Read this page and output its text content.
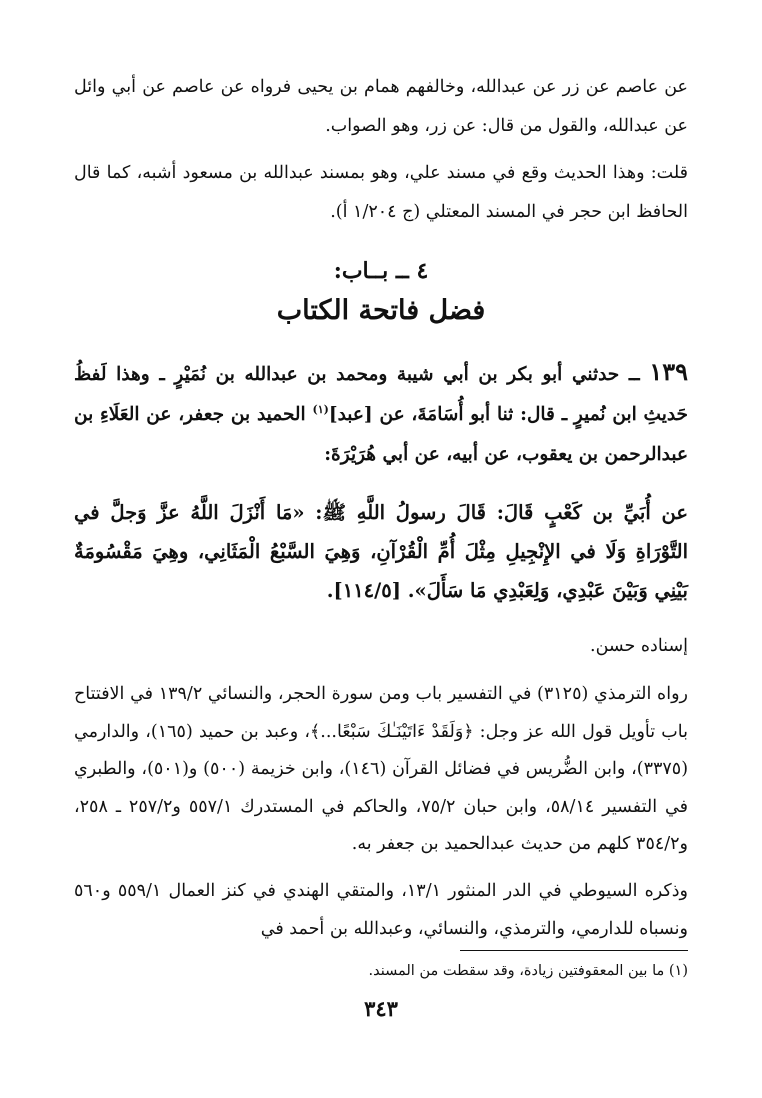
عن عاصم عن زر عن عبدالله، وخالفهم همام بن يحيى فرواه عن عاصم عن أبي وائل عن عبدالله، والقول من قال: عن زر، وهو الصواب.

قلت: وهذا الحديث وقع في مسند علي، وهو بمسند عبدالله بن مسعود أشبه، كما قال الحافظ ابن حجر في المسند المعتلي (ج ١/٢٠٤ أ).

٤ ــ بــاب:
فضل فاتحة الكتاب

١٣٩ ــ حدثني أبو بكر بن أبي شيبة ومحمد بن عبدالله بن نُمَيْرٍ ـ وهذا لَفظُ حَديثِ ابن نُميرٍ ـ قال: ثنا أبو أُسَامَةَ، عن [عبد]$^{(١)}$ الحميد بن جعفر، عن العَلَاءِ بن عبدالرحمن بن يعقوب، عن أبيه، عن أبي هُرَيْرَةَ:

عن أُبَيِّ بن كَعْبٍ قَالَ: قَالَ رسولُ اللَّهِ ﷺ: «مَا أَنْزَلَ اللَّهُ عزَّ وَجلَّ في التَّوْرَاةِ وَلَا في الإِنْجِيلِ مِثْلَ أُمِّ الْقُرْآنِ، وَهِيَ السَّبْعُ الْمَثَانِي، وهِيَ مَقْسُومَةٌ بَيْنِي وَبَيْنَ عَبْدِي، وَلِعَبْدِي مَا سَأَلَ». [١١٤/٥].

إسناده حسن.

رواه الترمذي (٣١٢٥) في التفسير باب ومن سورة الحجر، والنسائي ١٣٩/٢ في الافتتاح باب تأويل قول الله عز وجل: ﴿وَلَقَدْ ءَاتَيْنَـٰكَ سَبْعًا...﴾، وعبد بن حميد (١٦٥)، والدارمي (٣٣٧٥)، وابن الضُّريس في فضائل القرآن (١٤٦)، وابن خزيمة (٥٠٠) و(٥٠١)، والطبري في التفسير ٥٨/١٤، وابن حبان ٧٥/٢، والحاكم في المستدرك ٥٥٧/١ و٢٥٧/٢ ـ ٢٥٨، و٣٥٤/٢ كلهم من حديث عبدالحميد بن جعفر به.

وذكره السيوطي في الدر المنثور ١٣/١، والمتقي الهندي في كنز العمال ٥٥٩/١ و٥٦٠ ونسباه للدارمي، والترمذي، والنسائي، وعبدالله بن أحمد في

(١) ما بين المعقوفتين زيادة، وقد سقطت من المسند.
٣٤٣
